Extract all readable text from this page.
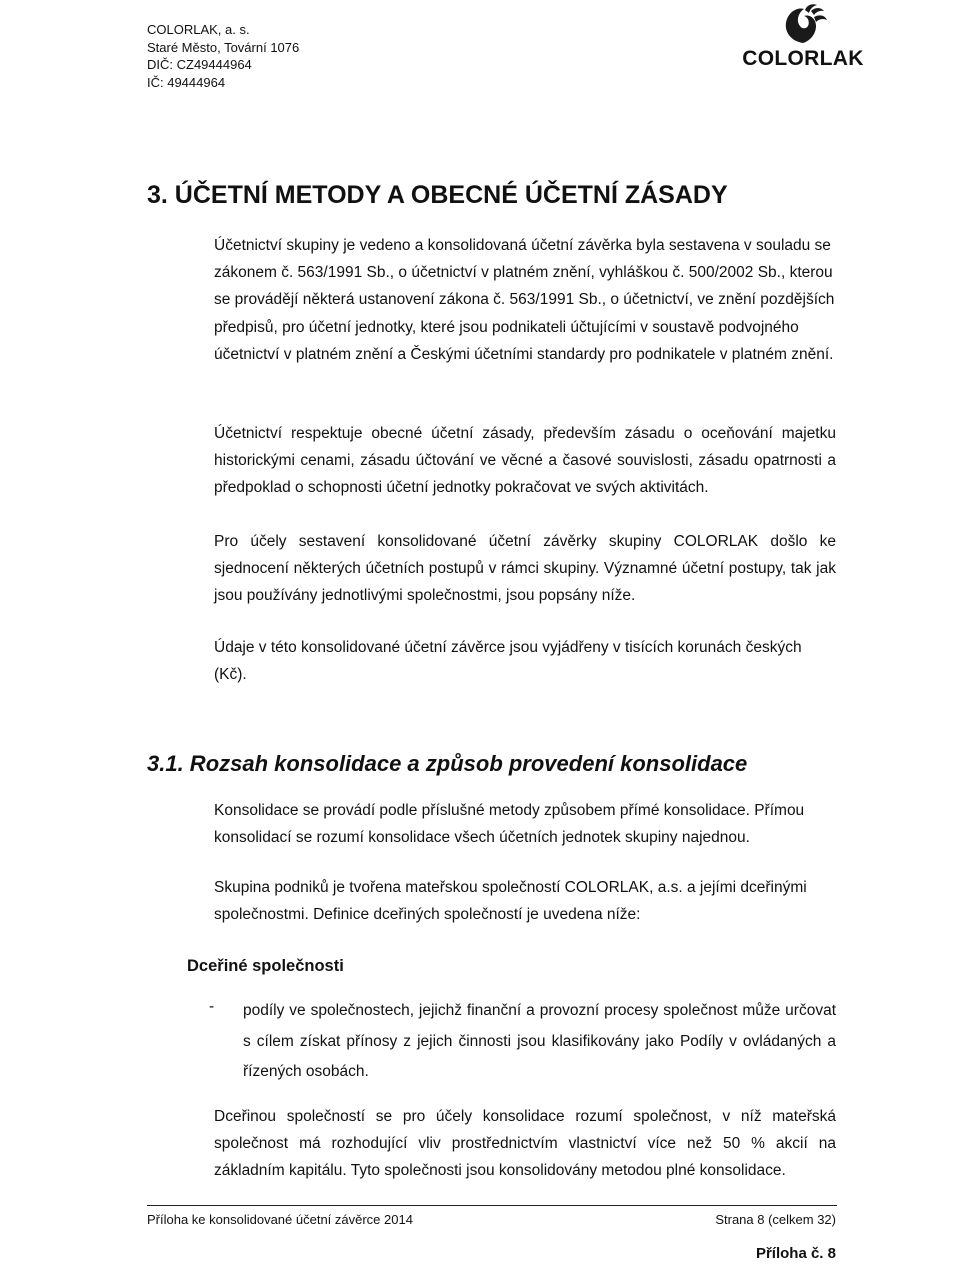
COLORLAK, a. s.
Staré Město, Tovární 1076
DIČ: CZ49444964
IČ: 49444964
COLORLAK
3. ÚČETNÍ METODY A OBECNÉ ÚČETNÍ ZÁSADY

Účetnictví skupiny je vedeno a konsolidovaná účetní závěrka byla sestavena v souladu se zákonem č. 563/1991 Sb., o účetnictví v platném znění, vyhláškou č. 500/2002 Sb., kterou se provádějí některá ustanovení zákona č. 563/1991 Sb., o účetnictví, ve znění pozdějších předpisů, pro účetní jednotky, které jsou podnikateli účtujícími v soustavě podvojného účetnictví v platném znění a Českými účetními standardy pro podnikatele v platném znění.

Účetnictví respektuje obecné účetní zásady, především zásadu o oceňování majetku historickými cenami, zásadu účtování ve věcné a časové souvislosti, zásadu opatrnosti a předpoklad o schopnosti účetní jednotky pokračovat ve svých aktivitách.

Pro účely sestavení konsolidované účetní závěrky skupiny COLORLAK došlo ke sjednocení některých účetních postupů v rámci skupiny. Významné účetní postupy, tak jak jsou používány jednotlivými společnostmi, jsou popsány níže.

Údaje v této konsolidované účetní závěrce jsou vyjádřeny v tisících korunách českých (Kč).

3.1. Rozsah konsolidace a způsob provedení konsolidace

Konsolidace se provádí podle příslušné metody způsobem přímé konsolidace. Přímou konsolidací se rozumí konsolidace všech účetních jednotek skupiny najednou.

Skupina podniků je tvořena mateřskou společností COLORLAK, a.s. a jejími dceřinými společnostmi. Definice dceřiných společností je uvedena níže:

Dceřiné společnosti
- podíly ve společnostech, jejichž finanční a provozní procesy společnost může určovat s cílem získat přínosy z jejich činnosti jsou klasifikovány jako Podíly v ovládaných a řízených osobách.

Dceřinou společností se pro účely konsolidace rozumí společnost, v níž mateřská společnost má rozhodující vliv prostřednictvím vlastnictví více než 50 % akcií na základním kapitálu. Tyto společnosti jsou konsolidovány metodou plné konsolidace.

Příloha ke konsolidované účetní závěrce 2014	Strana 8 (celkem 32)
Příloha č. 8
